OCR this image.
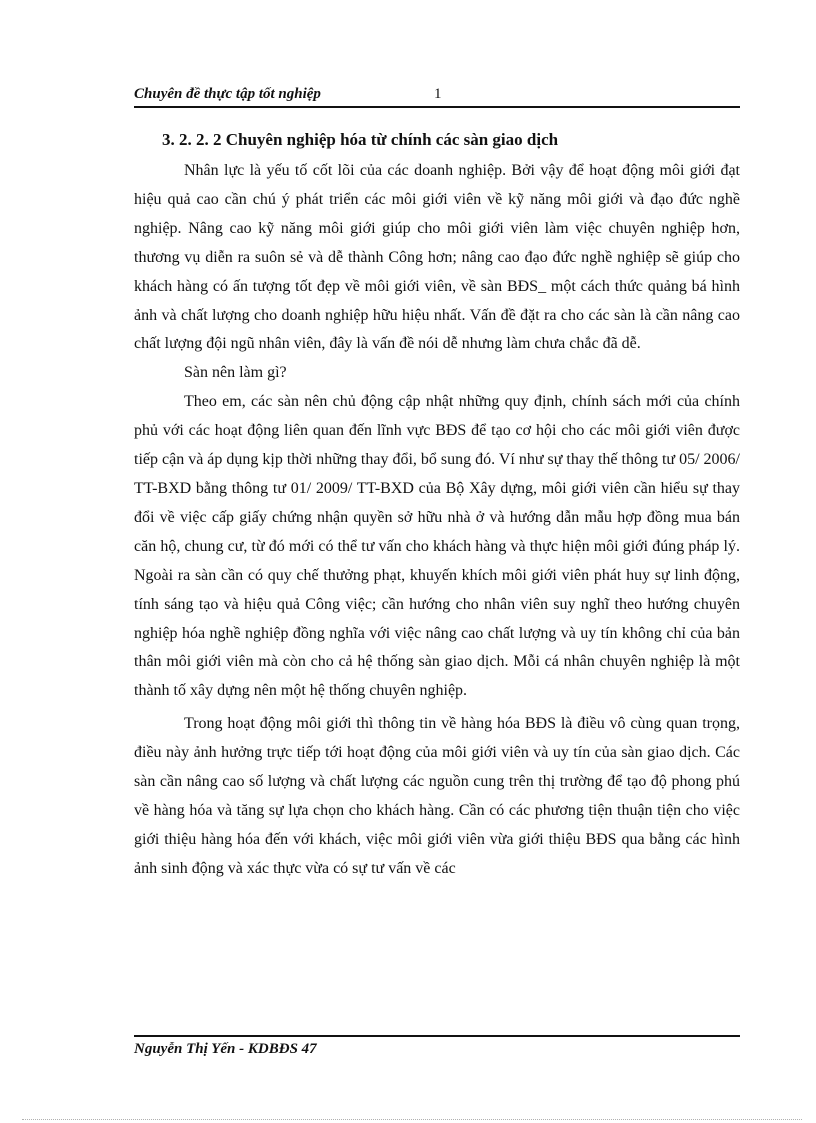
Chuyên đề thực tập tốt nghiệp	1
3. 2. 2. 2 Chuyên nghiệp hóa từ chính các sàn giao dịch

Nhân lực là yếu tố cốt lõi của các doanh nghiệp. Bởi vậy để hoạt động môi giới đạt hiệu quả cao cần chú ý phát triển các môi giới viên về kỹ năng môi giới và đạo đức nghề nghiệp. Nâng cao kỹ năng môi giới giúp cho môi giới viên làm việc chuyên nghiệp hơn, thương vụ diễn ra suôn sẻ và dễ thành Công hơn; nâng cao đạo đức nghề nghiệp sẽ giúp cho khách hàng có ấn tượng tốt đẹp về môi giới viên, về sàn BĐS_ một cách thức quảng bá hình ảnh và chất lượng cho doanh nghiệp hữu hiệu nhất. Vấn đề đặt ra cho các sàn là cần nâng cao chất lượng đội ngũ nhân viên, đây là vấn đề nói dễ nhưng làm chưa chắc đã dễ.

Sàn nên làm gì?

Theo em, các sàn nên chủ động cập nhật những quy định, chính sách mới của chính phủ với các hoạt động liên quan đến lĩnh vực BĐS để tạo cơ hội cho các môi giới viên được tiếp cận và áp dụng kịp thời những thay đổi, bổ sung đó. Ví như sự thay thế thông tư 05/ 2006/ TT-BXD bằng thông tư 01/ 2009/ TT-BXD của Bộ Xây dựng, môi giới viên cần hiểu sự thay đổi về việc cấp giấy chứng nhận quyền sở hữu nhà ở và hướng dẫn mẫu hợp đồng mua bán căn hộ, chung cư, từ đó mới có thể tư vấn cho khách hàng và thực hiện môi giới đúng pháp lý. Ngoài ra sàn cần có quy chế thưởng phạt, khuyến khích môi giới viên phát huy sự linh động, tính sáng tạo và hiệu quả Công việc; cần hướng cho nhân viên suy nghĩ theo hướng chuyên nghiệp hóa nghề nghiệp đồng nghĩa với việc nâng cao chất lượng và uy tín không chỉ của bản thân môi giới viên mà còn cho cả hệ thống sàn giao dịch. Mỗi cá nhân chuyên nghiệp là một thành tố xây dựng nên một hệ thống chuyên nghiệp.

Trong hoạt động môi giới thì thông tin về hàng hóa BĐS là điều vô cùng quan trọng, điều này ảnh hưởng trực tiếp tới hoạt động của môi giới viên và uy tín của sàn giao dịch. Các sàn cần nâng cao số lượng và chất lượng các nguồn cung trên thị trường để tạo độ phong phú về hàng hóa và tăng sự lựa chọn cho khách hàng. Cần có các phương tiện thuận tiện cho việc giới thiệu hàng hóa đến với khách, việc môi giới viên vừa giới thiệu BĐS qua bằng các hình ảnh sinh động và xác thực vừa có sự tư vấn về các

Nguyễn Thị Yến - KDBĐS 47
